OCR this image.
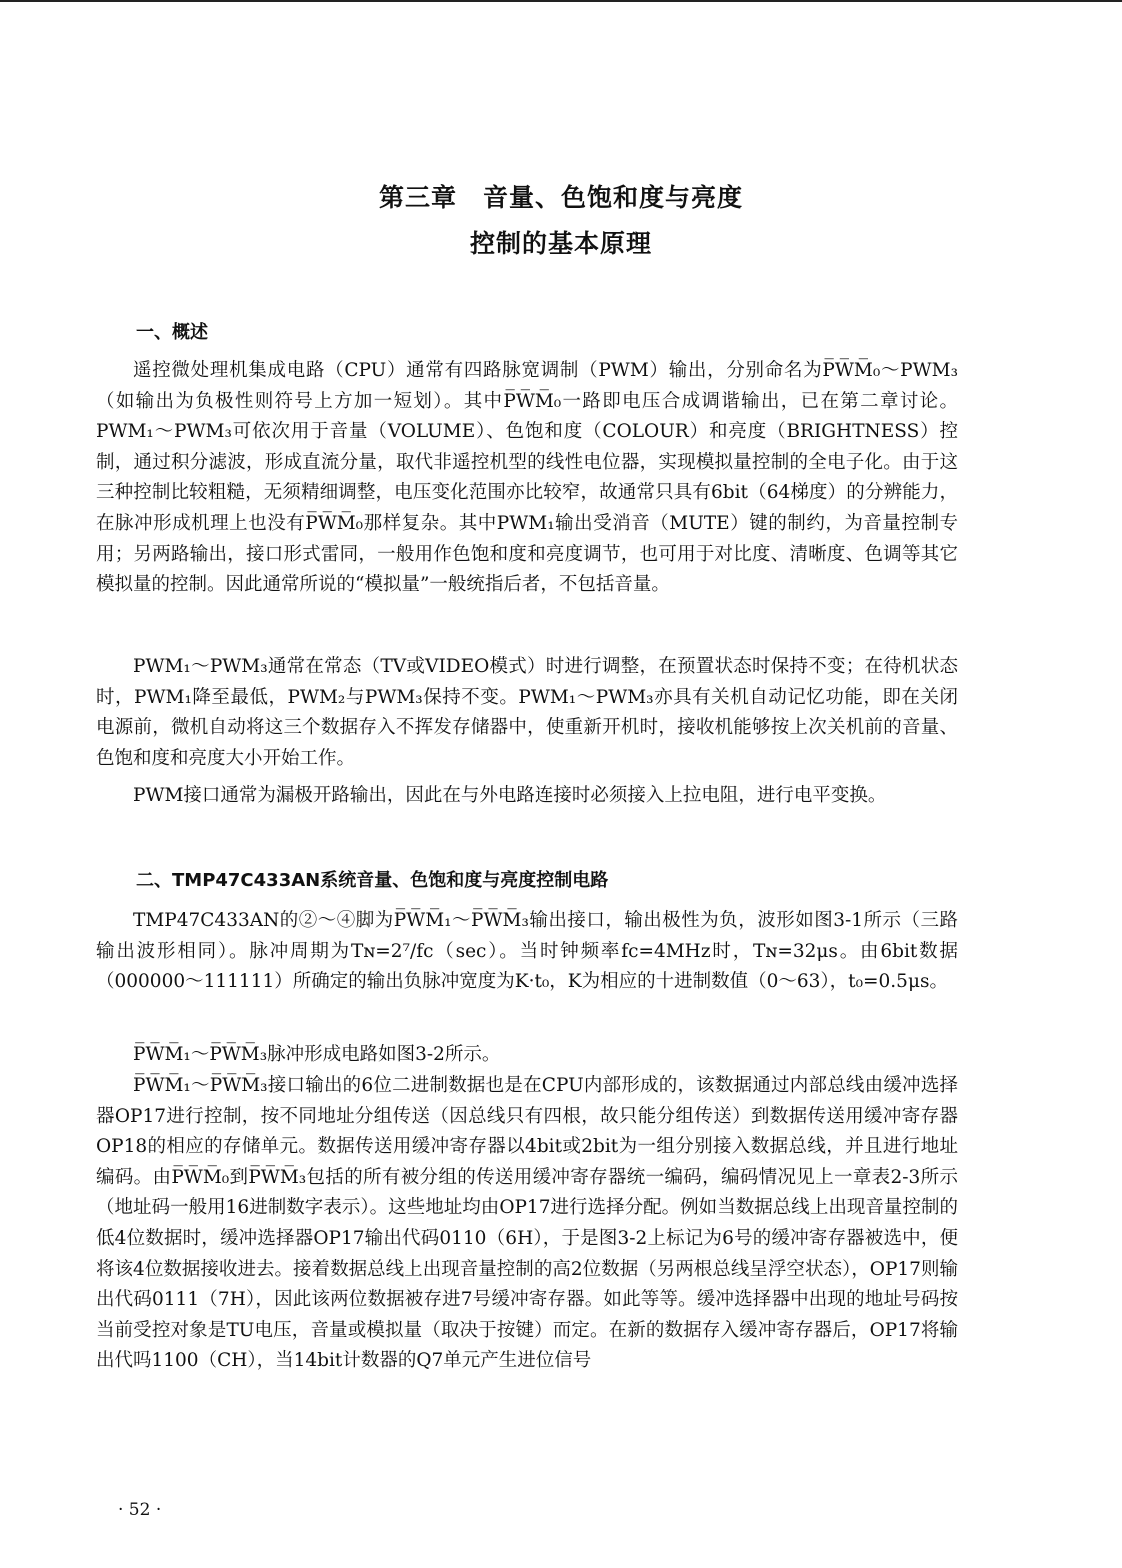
第三章　音量、色饱和度与亮度
控制的基本原理
一、概述

遥控微处理机集成电路（CPU）通常有四路脉宽调制（PWM）输出，分别命名为P̅W̅M̅₀～PWM₃（如输出为负极性则符号上方加一短划）。其中P̅W̅M̅₀一路即电压合成调谐输出，已在第二章讨论。PWM₁～PWM₃可依次用于音量（VOLUME）、色饱和度（COLOUR）和亮度（BRIGHTNESS）控制，通过积分滤波，形成直流分量，取代非遥控机型的线性电位器，实现模拟量控制的全电子化。由于这三种控制比较粗糙，无须精细调整，电压变化范围亦比较窄，故通常只具有6bit（64梯度）的分辨能力，在脉冲形成机理上也没有P̅W̅M̅₀那样复杂。其中PWM₁输出受消音（MUTE）键的制约，为音量控制专用；另两路输出，接口形式雷同，一般用作色饱和度和亮度调节，也可用于对比度、清晰度、色调等其它模拟量的控制。因此通常所说的“模拟量”一般统指后者，不包括音量。

PWM₁～PWM₃通常在常态（TV或VIDEO模式）时进行调整，在预置状态时保持不变；在待机状态时，PWM₁降至最低，PWM₂与PWM₃保持不变。PWM₁～PWM₃亦具有关机自动记忆功能，即在关闭电源前，微机自动将这三个数据存入不挥发存储器中，使重新开机时，接收机能够按上次关机前的音量、色饱和度和亮度大小开始工作。

PWM接口通常为漏极开路输出，因此在与外电路连接时必须接入上拉电阻，进行电平变换。

二、TMP47C433AN系统音量、色饱和度与亮度控制电路

TMP47C433AN的②～④脚为P̅W̅M̅₁～P̅W̅M̅₃输出接口，输出极性为负，波形如图3-1所示（三路输出波形相同）。脉冲周期为Tɴ=2⁷/fc（sec）。当时钟频率fc=4MHz时，Tɴ=32μs。由6bit数据（000000～111111）所确定的输出负脉冲宽度为K·t₀，K为相应的十进制数值（0～63），t₀=0.5μs。

P̅W̅M̅₁～P̅W̅M̅₃脉冲形成电路如图3-2所示。

P̅W̅M̅₁～P̅W̅M̅₃接口输出的6位二进制数据也是在CPU内部形成的，该数据通过内部总线由缓冲选择器OP17进行控制，按不同地址分组传送（因总线只有四根，故只能分组传送）到数据传送用缓冲寄存器OP18的相应的存储单元。数据传送用缓冲寄存器以4bit或2bit为一组分别接入数据总线，并且进行地址编码。由P̅W̅M̅₀到P̅W̅M̅₃包括的所有被分组的传送用缓冲寄存器统一编码，编码情况见上一章表2-3所示（地址码一般用16进制数字表示）。这些地址均由OP17进行选择分配。例如当数据总线上出现音量控制的低4位数据时，缓冲选择器OP17输出代码0110（6H），于是图3-2上标记为6号的缓冲寄存器被选中，便将该4位数据接收进去。接着数据总线上出现音量控制的高2位数据（另两根总线呈浮空状态），OP17则输出代码0111（7H），因此该两位数据被存进7号缓冲寄存器。如此等等。缓冲选择器中出现的地址号码按当前受控对象是TU电压，音量或模拟量（取决于按键）而定。在新的数据存入缓冲寄存器后，OP17将输出代吗1100（CH），当14bit计数器的Q7单元产生进位信号

· 52 ·
